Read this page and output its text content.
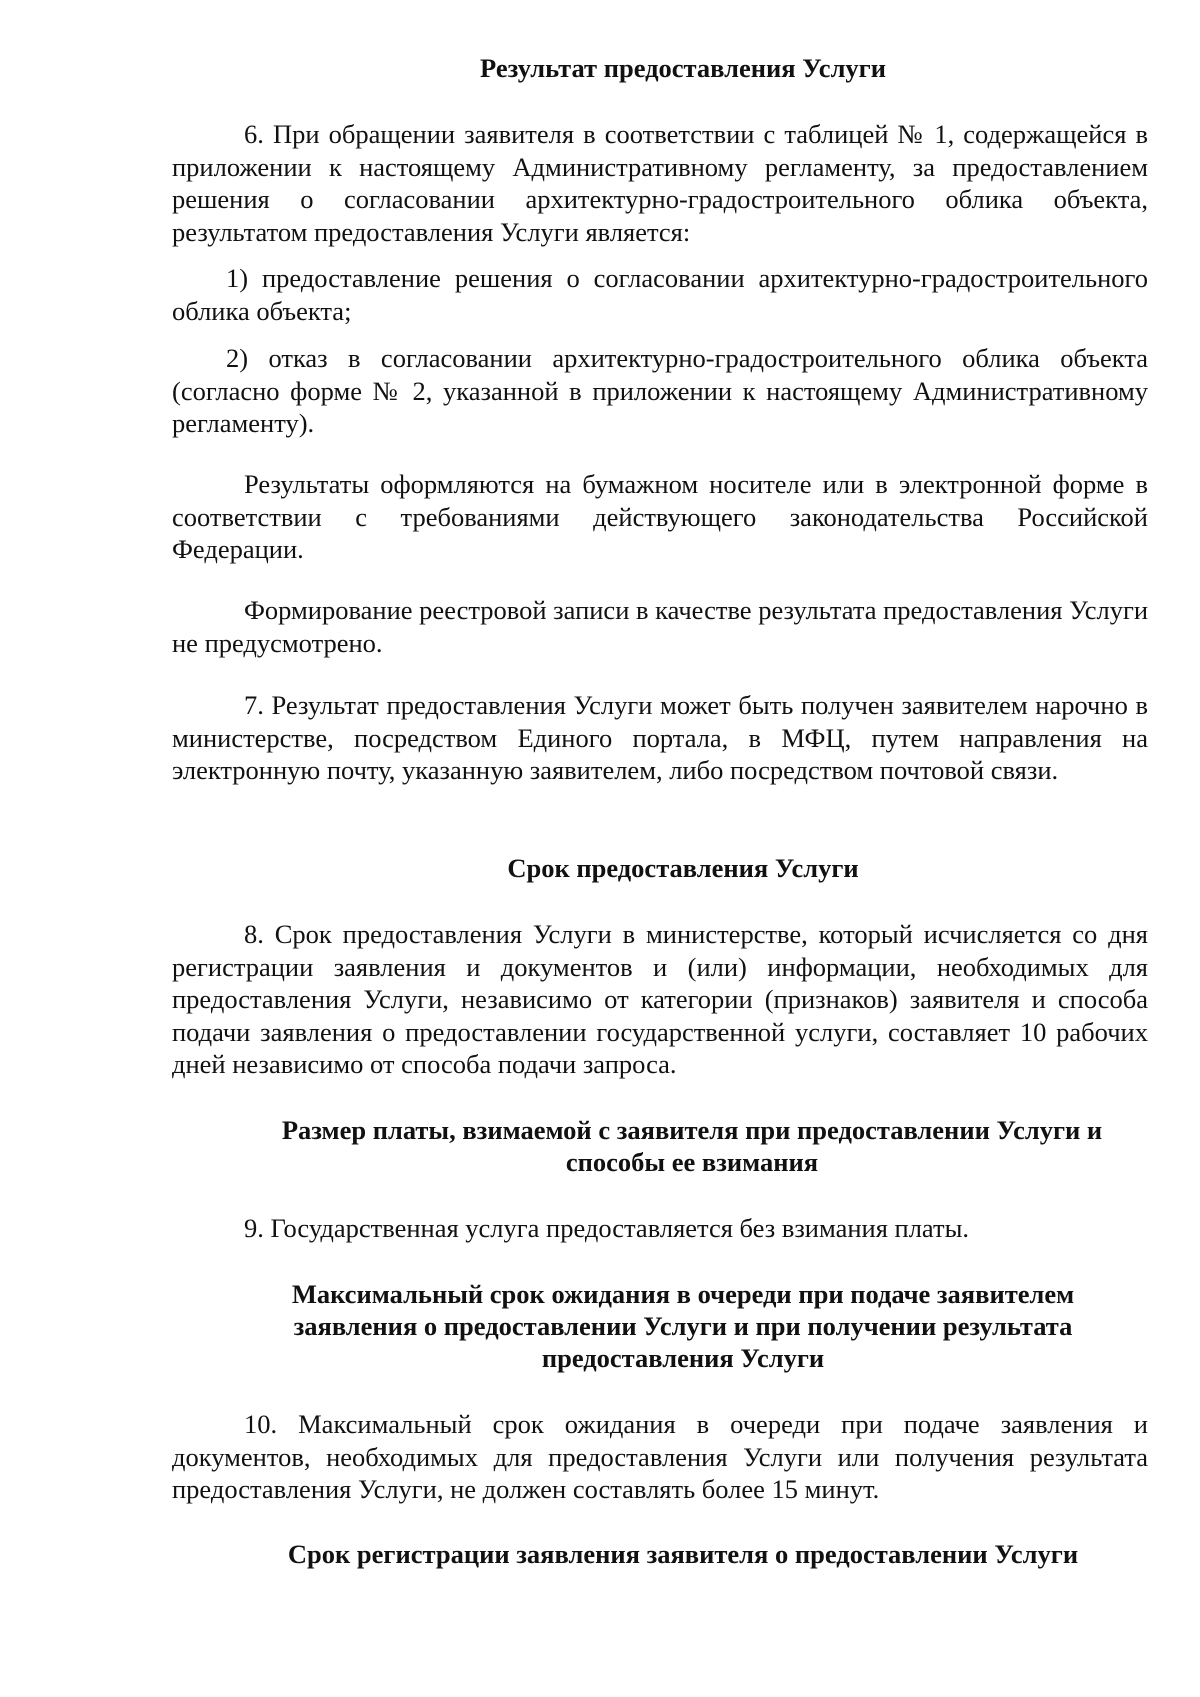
Результат предоставления Услуги

6. При обращении заявителя в соответствии с таблицей № 1, содержащейся в приложении к настоящему Административному регламенту, за предоставлением решения о согласовании архитектурно-градостроительного облика объекта, результатом предоставления Услуги является:

1) предоставление решения о согласовании архитектурно-градостроительного облика объекта;

2) отказ в согласовании архитектурно-градостроительного облика объекта (согласно форме № 2, указанной в приложении к настоящему Административному регламенту).

Результаты оформляются на бумажном носителе или в электронной форме в соответствии с требованиями действующего законодательства Российской Федерации.

Формирование реестровой записи в качестве результата предоставления Услуги не предусмотрено.

7. Результат предоставления Услуги может быть получен заявителем нарочно в министерстве, посредством Единого портала, в МФЦ, путем направления на электронную почту, указанную заявителем, либо посредством почтовой связи.

Срок предоставления Услуги

8. Срок предоставления Услуги в министерстве, который исчисляется со дня регистрации заявления и документов и (или) информации, необходимых для предоставления Услуги, независимо от категории (признаков) заявителя и способа подачи заявления о предоставлении государственной услуги, составляет 10 рабочих дней независимо от способа подачи запроса.

Размер платы, взимаемой с заявителя при предоставлении Услуги и

способы ее взимания

9. Государственная услуга предоставляется без взимания платы.

Максимальный срок ожидания в очереди при подаче заявителем

заявления о предоставлении Услуги и при получении результата

предоставления Услуги

10. Максимальный срок ожидания в очереди при подаче заявления и документов, необходимых для предоставления Услуги или получения результата предоставления Услуги, не должен составлять более 15 минут.

Срок регистрации заявления заявителя о предоставлении Услуги
